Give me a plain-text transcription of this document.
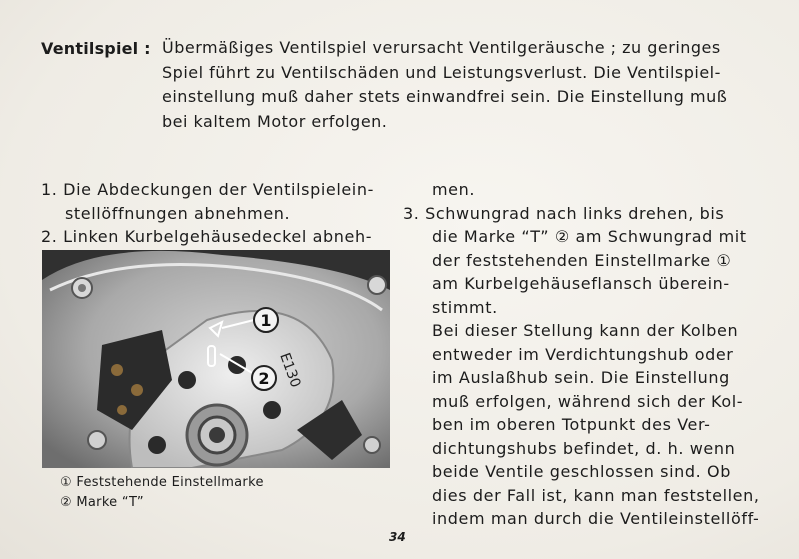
Ventilspiel : Übermäßiges Ventilspiel verursacht Ventilgeräusche ; zu geringes
Spiel führt zu Ventilschäden und Leistungsverlust. Die Ventilspiel-
einstellung muß daher stets einwandfrei sein. Die Einstellung muß
bei kaltem Motor erfolgen.
1. Die Abdeckungen der Ventilspielein-
stellöffnungen abnehmen.
2. Linken Kurbelgehäusedeckel abneh-
E130
1
2
① Feststehende Einstellmarke
② Marke “T”
men.
3. Schwungrad nach links drehen, bis
die Marke “T” ② am Schwungrad mit
der feststehenden Einstellmarke ①
am Kurbelgehäuseflansch überein-
stimmt.
Bei dieser Stellung kann der Kolben
entweder im Verdichtungshub oder
im Auslaßhub sein. Die Einstellung
muß erfolgen, während sich der Kol-
ben im oberen Totpunkt des Ver-
dichtungshubs befindet, d. h. wenn
beide Ventile geschlossen sind. Ob
dies der Fall ist, kann man feststellen,
indem man durch die Ventileinstellöff-
34
